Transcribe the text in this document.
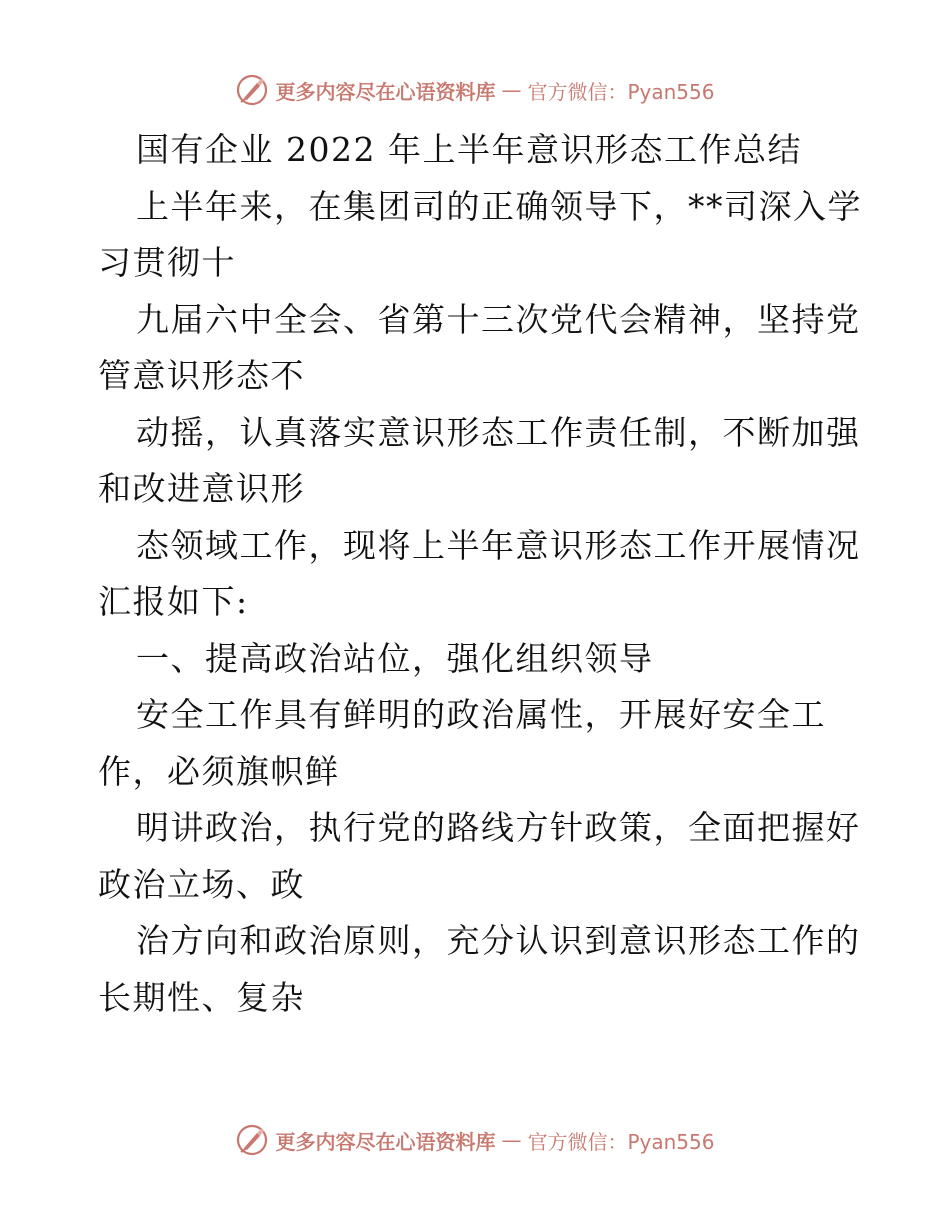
更多内容尽在心语资料库 — 官方微信：Pyan556
国有企业 2022 年上半年意识形态工作总结
上半年来，在集团司的正确领导下，**司深入学
习贯彻十
九届六中全会、省第十三次党代会精神，坚持党
管意识形态不
动摇，认真落实意识形态工作责任制，不断加强
和改进意识形
态领域工作，现将上半年意识形态工作开展情况
汇报如下:
一、提高政治站位，强化组织领导
安全工作具有鲜明的政治属性，开展好安全工
作，必须旗帜鲜
明讲政治，执行党的路线方针政策，全面把握好
政治立场、政
治方向和政治原则，充分认识到意识形态工作的
长期性、复杂
更多内容尽在心语资料库 — 官方微信：Pyan556
